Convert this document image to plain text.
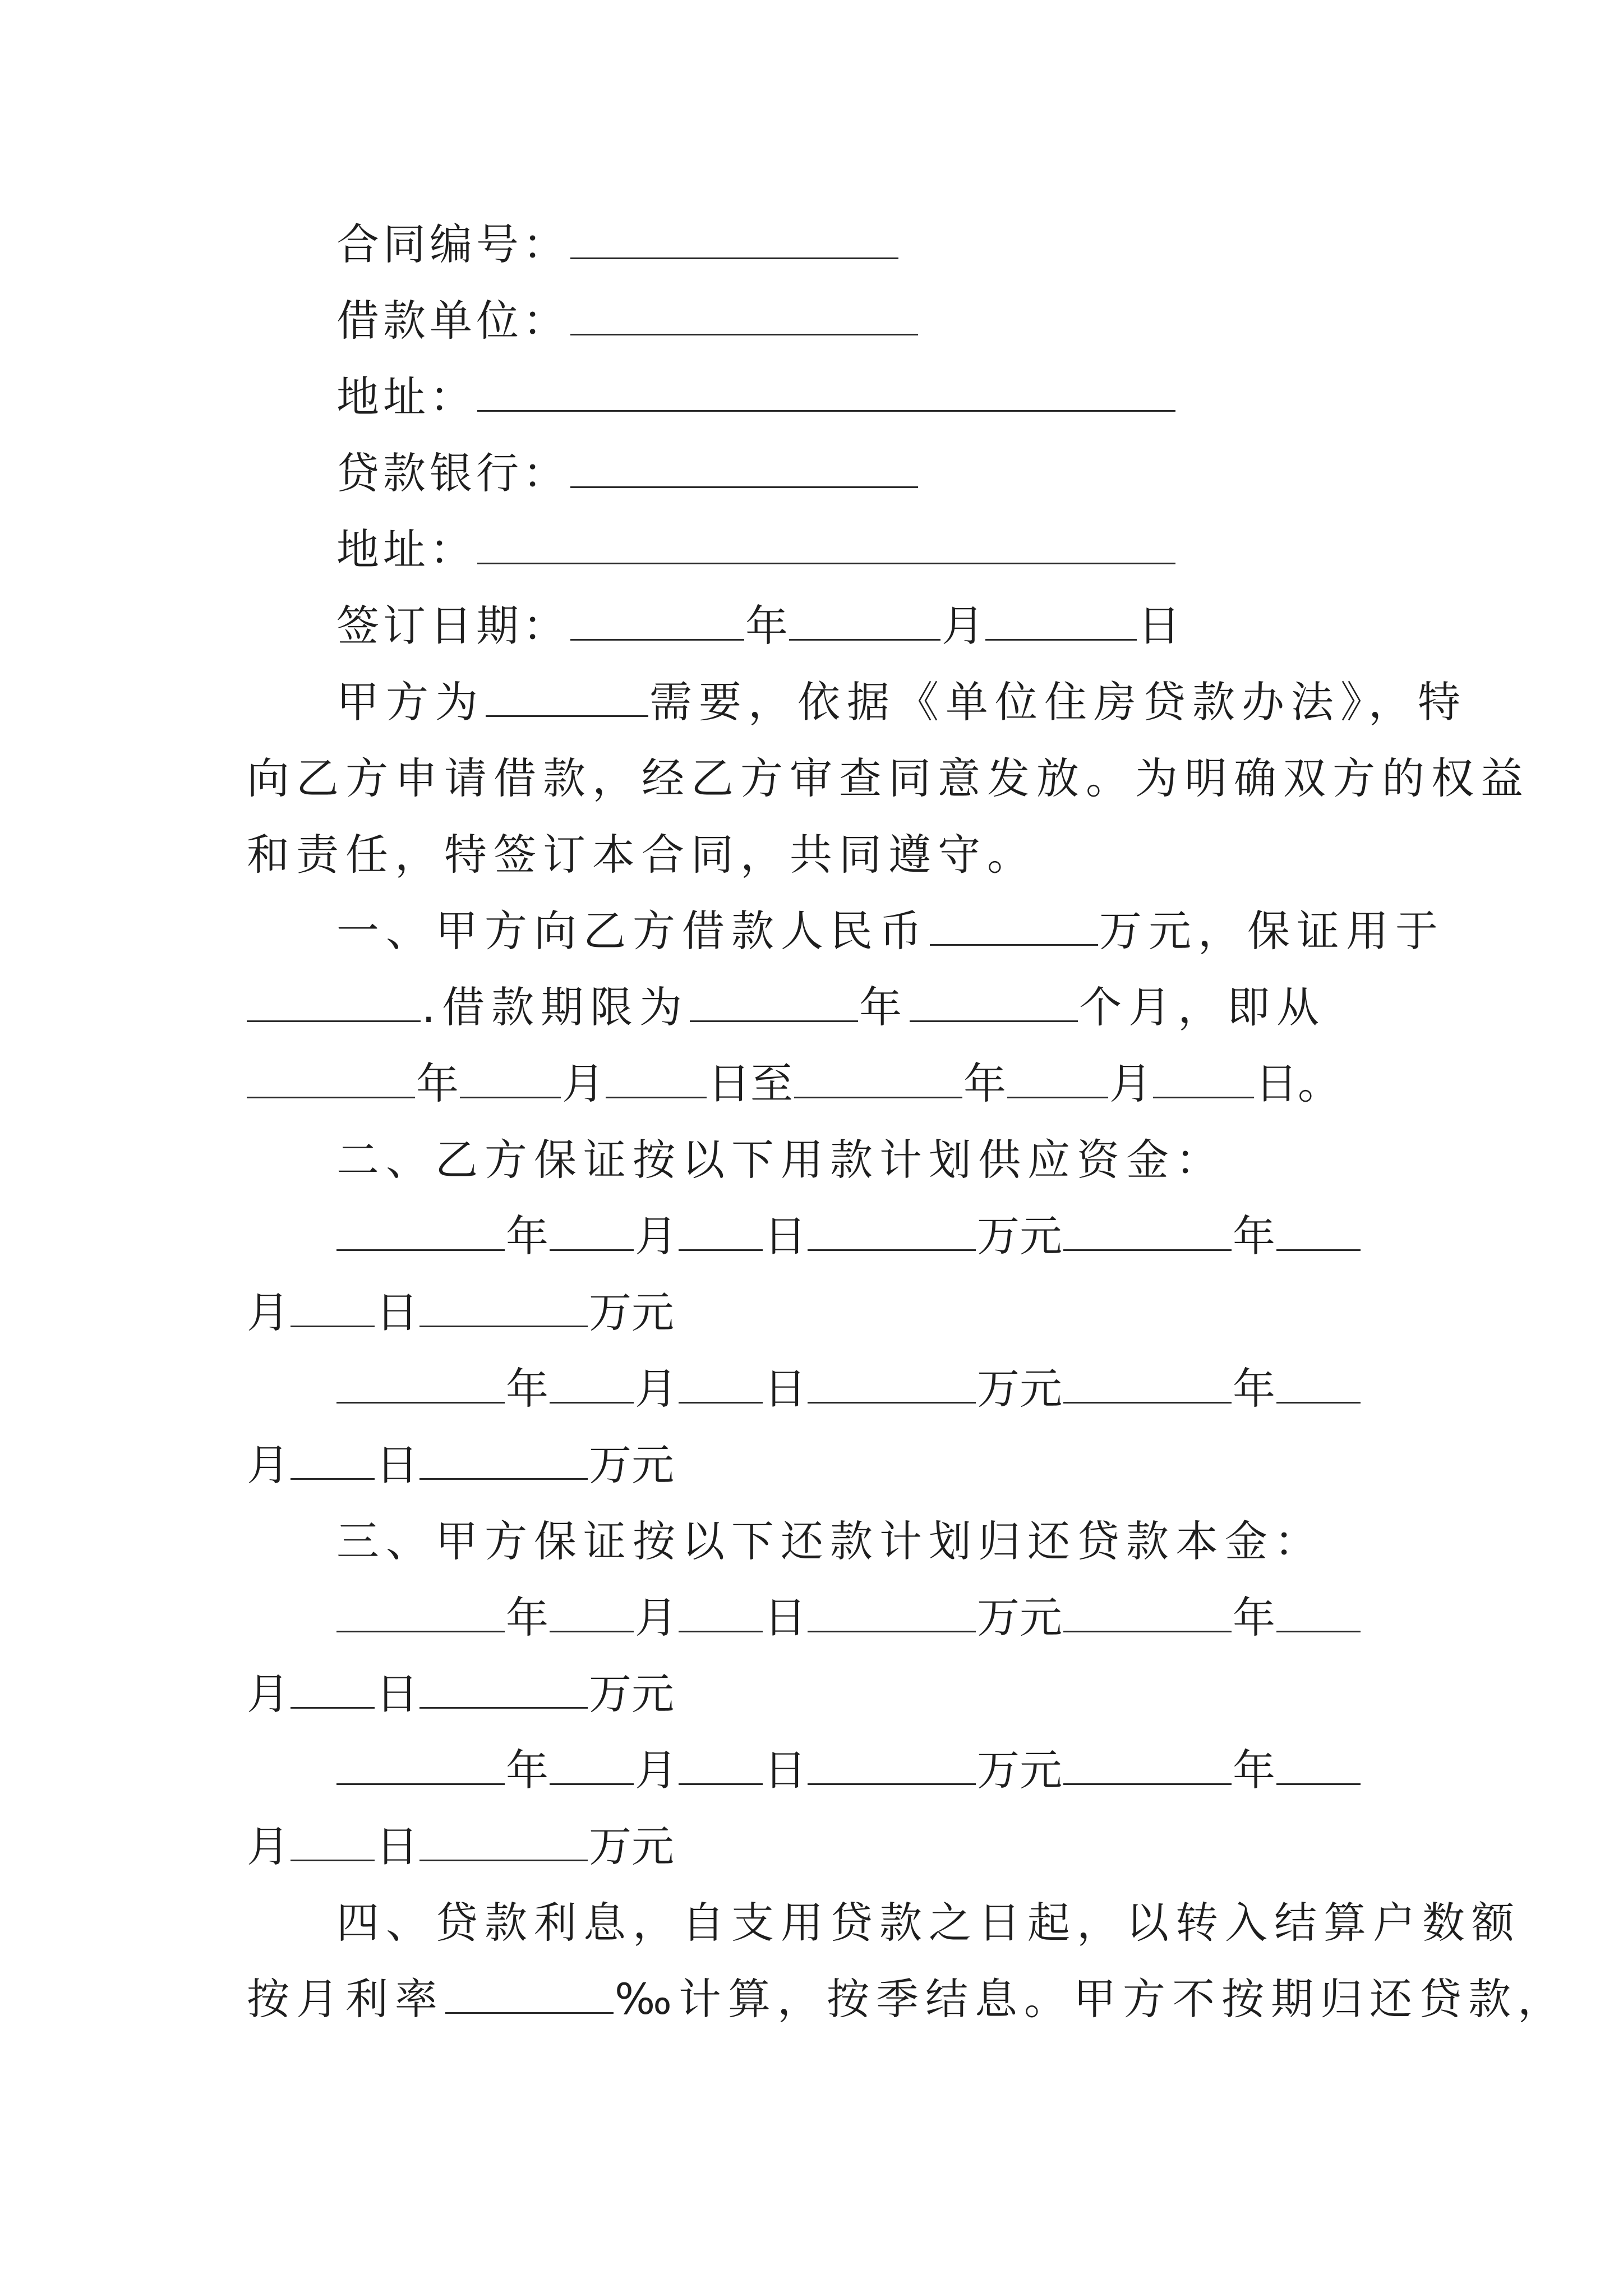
合同编号：
借款单位：
地址：
贷款银行：
地址：
签订日期：	年	月	日
甲方为	需要，依据《单位住房贷款办法》，特
向乙方申请借款，经乙方审查同意发放。为明确双方的权益
和责任，特签订本合同，共同遵守。
一、甲方向乙方借款人民币	万元，保证用于
.借款期限为	年	个月，即从
年 月 日至	年 月 日。
二、乙方保证按以下用款计划供应资金：
年 月 日	万元	年
月 日	万元
年 月 日	万元	年
月 日	万元
三、甲方保证按以下还款计划归还贷款本金：
年 月 日	万元	年
月 日	万元
年 月 日	万元	年
月 日	万元
四、贷款利息，自支用贷款之日起，以转入结算户数额
按月利率	‰计算，按季结息。甲方不按期归还贷款，
